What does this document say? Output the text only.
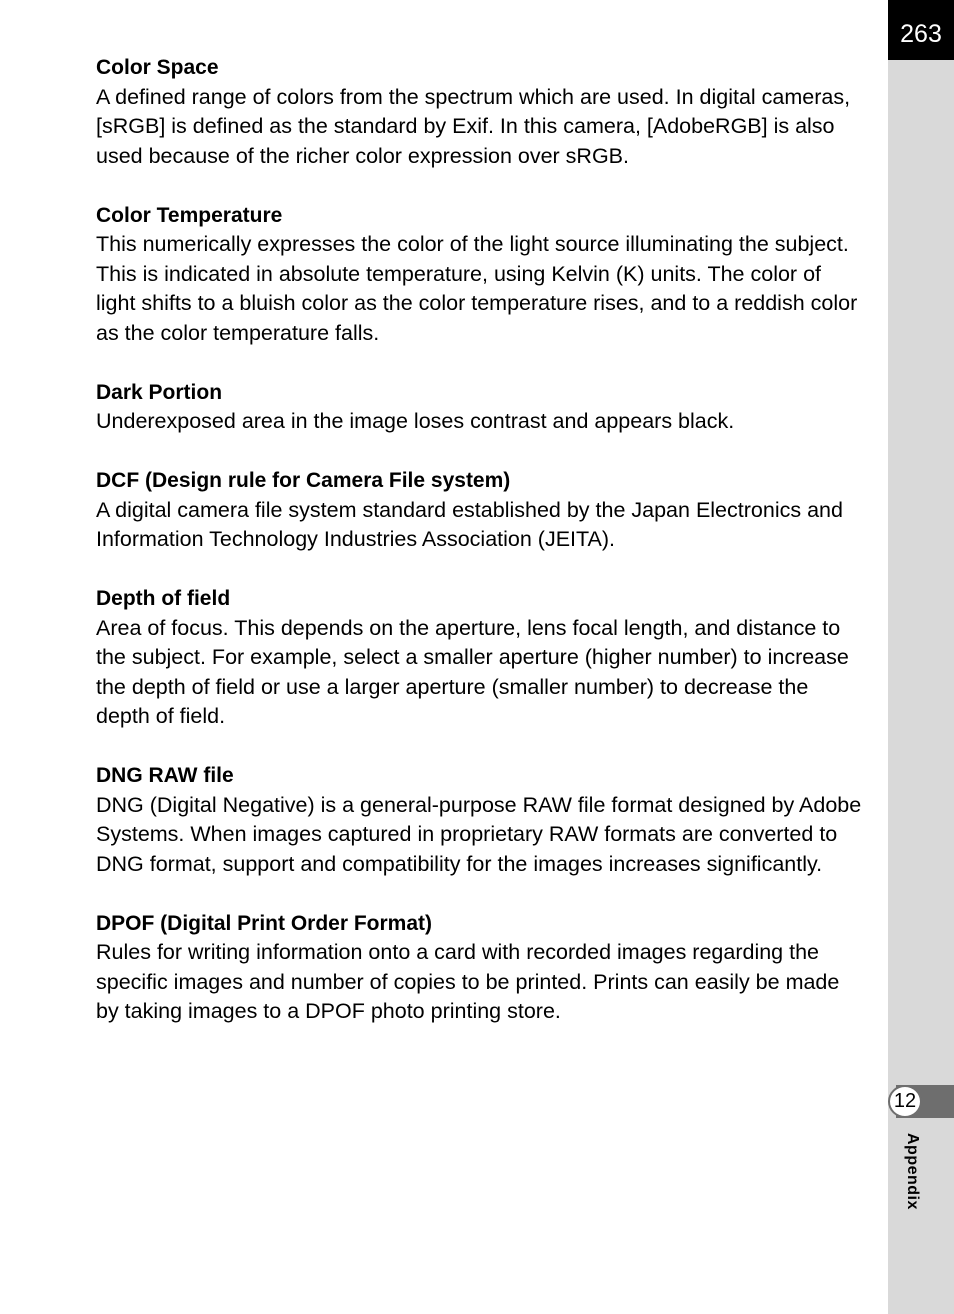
263
12
Appendix

Color Space

A defined range of colors from the spectrum which are used. In digital cameras, [sRGB] is defined as the standard by Exif. In this camera, [AdobeRGB] is also used because of the richer color expression over sRGB.

Color Temperature

This numerically expresses the color of the light source illuminating the subject. This is indicated in absolute temperature, using Kelvin (K) units. The color of light shifts to a bluish color as the color temperature rises, and to a reddish color as the color temperature falls.

Dark Portion

Underexposed area in the image loses contrast and appears black.

DCF (Design rule for Camera File system)

A digital camera file system standard established by the Japan Electronics and Information Technology Industries Association (JEITA).

Depth of field

Area of focus. This depends on the aperture, lens focal length, and distance to the subject. For example, select a smaller aperture (higher number) to increase the depth of field or use a larger aperture (smaller number) to decrease the depth of field.

DNG RAW file

DNG (Digital Negative) is a general-purpose RAW file format designed by Adobe Systems. When images captured in proprietary RAW formats are converted to DNG format, support and compatibility for the images increases significantly.

DPOF (Digital Print Order Format)

Rules for writing information onto a card with recorded images regarding the specific images and number of copies to be printed. Prints can easily be made by taking images to a DPOF photo printing store.
